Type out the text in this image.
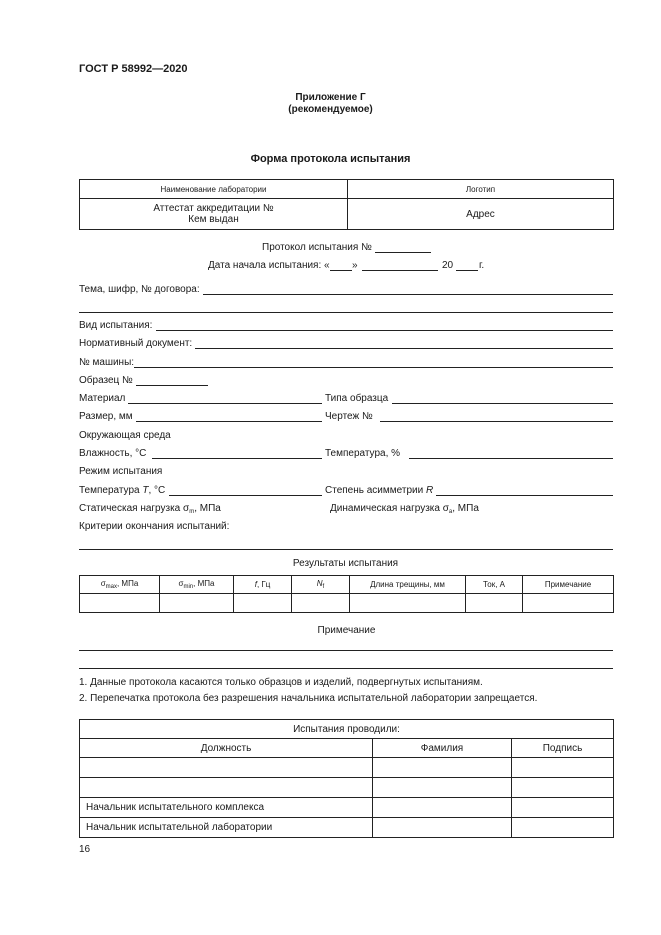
ГОСТ Р 58992—2020
Приложение Г
(рекомендуемое)
Форма протокола испытания
Наименование лаборатории	Логотип

Аттестат аккредитации №
Кем выдан	Адрес
Протокол испытания №
Дата начала испытания: « »	20	г.
Тема, шифр, № договора:
Вид испытания:
Нормативный документ:
№ машины:
Образец №
Материал	Типа образца
Размер, мм	Чертеж №
Окружающая среда
Влажность, °С	Температура, %
Режим испытания
Температура T, °С	Степень асимметрии R
Статическая нагрузка $\sigma_m$, МПа	Динамическая нагрузка $\sigma_a$, МПа
Критерии окончания испытаний:
Результаты испытания
$\sigma_{max}$, МПа	$\sigma_{min}$, МПа	f, Гц	$N_f$	Длина трещины, мм	Ток, А	Примечание

Примечание
1. Данные протокола касаются только образцов и изделий, подвергнутых испытаниям.
2. Перепечатка протокола без разрешения начальника испытательной лаборатории запрещается.
Испытания проводили:		
Должность	Фамилия	Подпись

Начальник испытательного комплекса		
Начальник испытательной лаборатории		
16
